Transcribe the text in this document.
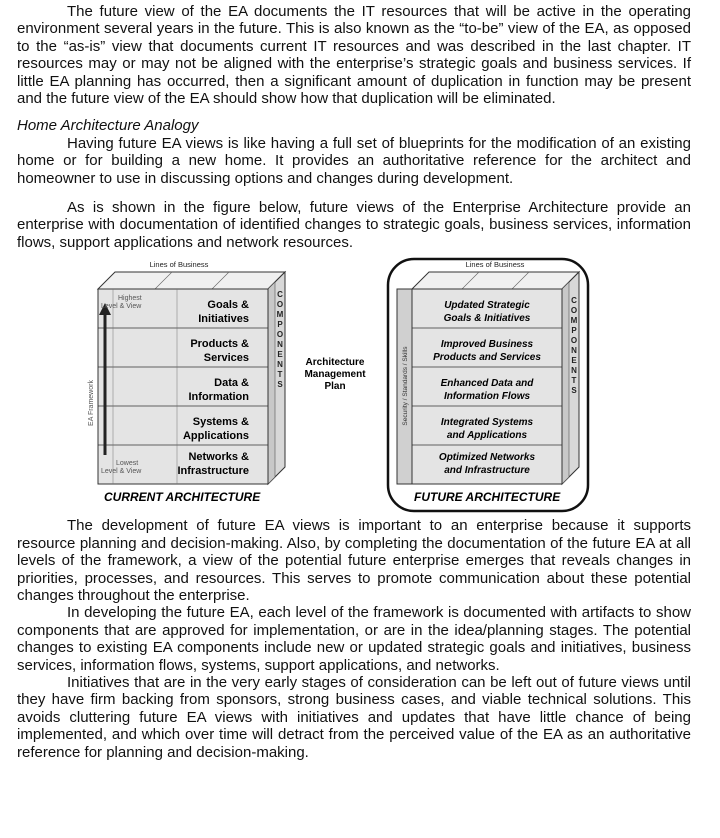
The future view of the EA documents the IT resources that will be active in the operating environment several years in the future. This is also known as the “to-be” view of the EA, as opposed to the “as-is” view that documents current IT resources and was described in the last chapter. IT resources may or may not be aligned with the enterprise’s strategic goals and business services. If little EA planning has occurred, then a significant amount of duplication in function may be present and the future view of the EA should show how that duplication will be eliminated.

Home Architecture Analogy

Having future EA views is like having a full set of blueprints for the modification of an existing home or for building a new home. It provides an authoritative reference for the architect and homeowner to use in discussing options and changes during development.

As is shown in the figure below, future views of the Enterprise Architecture provide an enterprise with documentation of identified changes to strategic goals, business services, information flows, support applications and network resources.

Lines of Business
Highest
Level & View
Lowest
Level & View
EA Framework
Goals &
Initiatives
Products &
Services
Data &
Information
Systems &
Applications
Networks &
Infrastructure
C
O
M
P
O
N
E
N
T
S
CURRENT ARCHITECTURE
Architecture
Management
Plan
Lines of Business
Security / Standards / Skills
Updated Strategic
Goals & Initiatives
Improved Business
Products and Services
Enhanced Data and
Information Flows
Integrated Systems
and Applications
Optimized Networks
and Infrastructure
C
O
M
P
O
N
E
N
T
S
FUTURE ARCHITECTURE

The development of future EA views is important to an enterprise because it supports resource planning and decision-making. Also, by completing the documentation of the future EA at all levels of the framework, a view of the potential future enterprise emerges that reveals changes in priorities, processes, and resources. This serves to promote communication about these potential changes throughout the enterprise.

In developing the future EA, each level of the framework is documented with artifacts to show components that are approved for implementation, or are in the idea/planning stages. The potential changes to existing EA components include new or updated strategic goals and initiatives, business services, information flows, systems, support applications, and networks.

Initiatives that are in the very early stages of consideration can be left out of future views until they have firm backing from sponsors, strong business cases, and viable technical solutions. This avoids cluttering future EA views with initiatives and updates that have little chance of being implemented, and which over time will detract from the perceived value of the EA as an authoritative reference for planning and decision-making.
